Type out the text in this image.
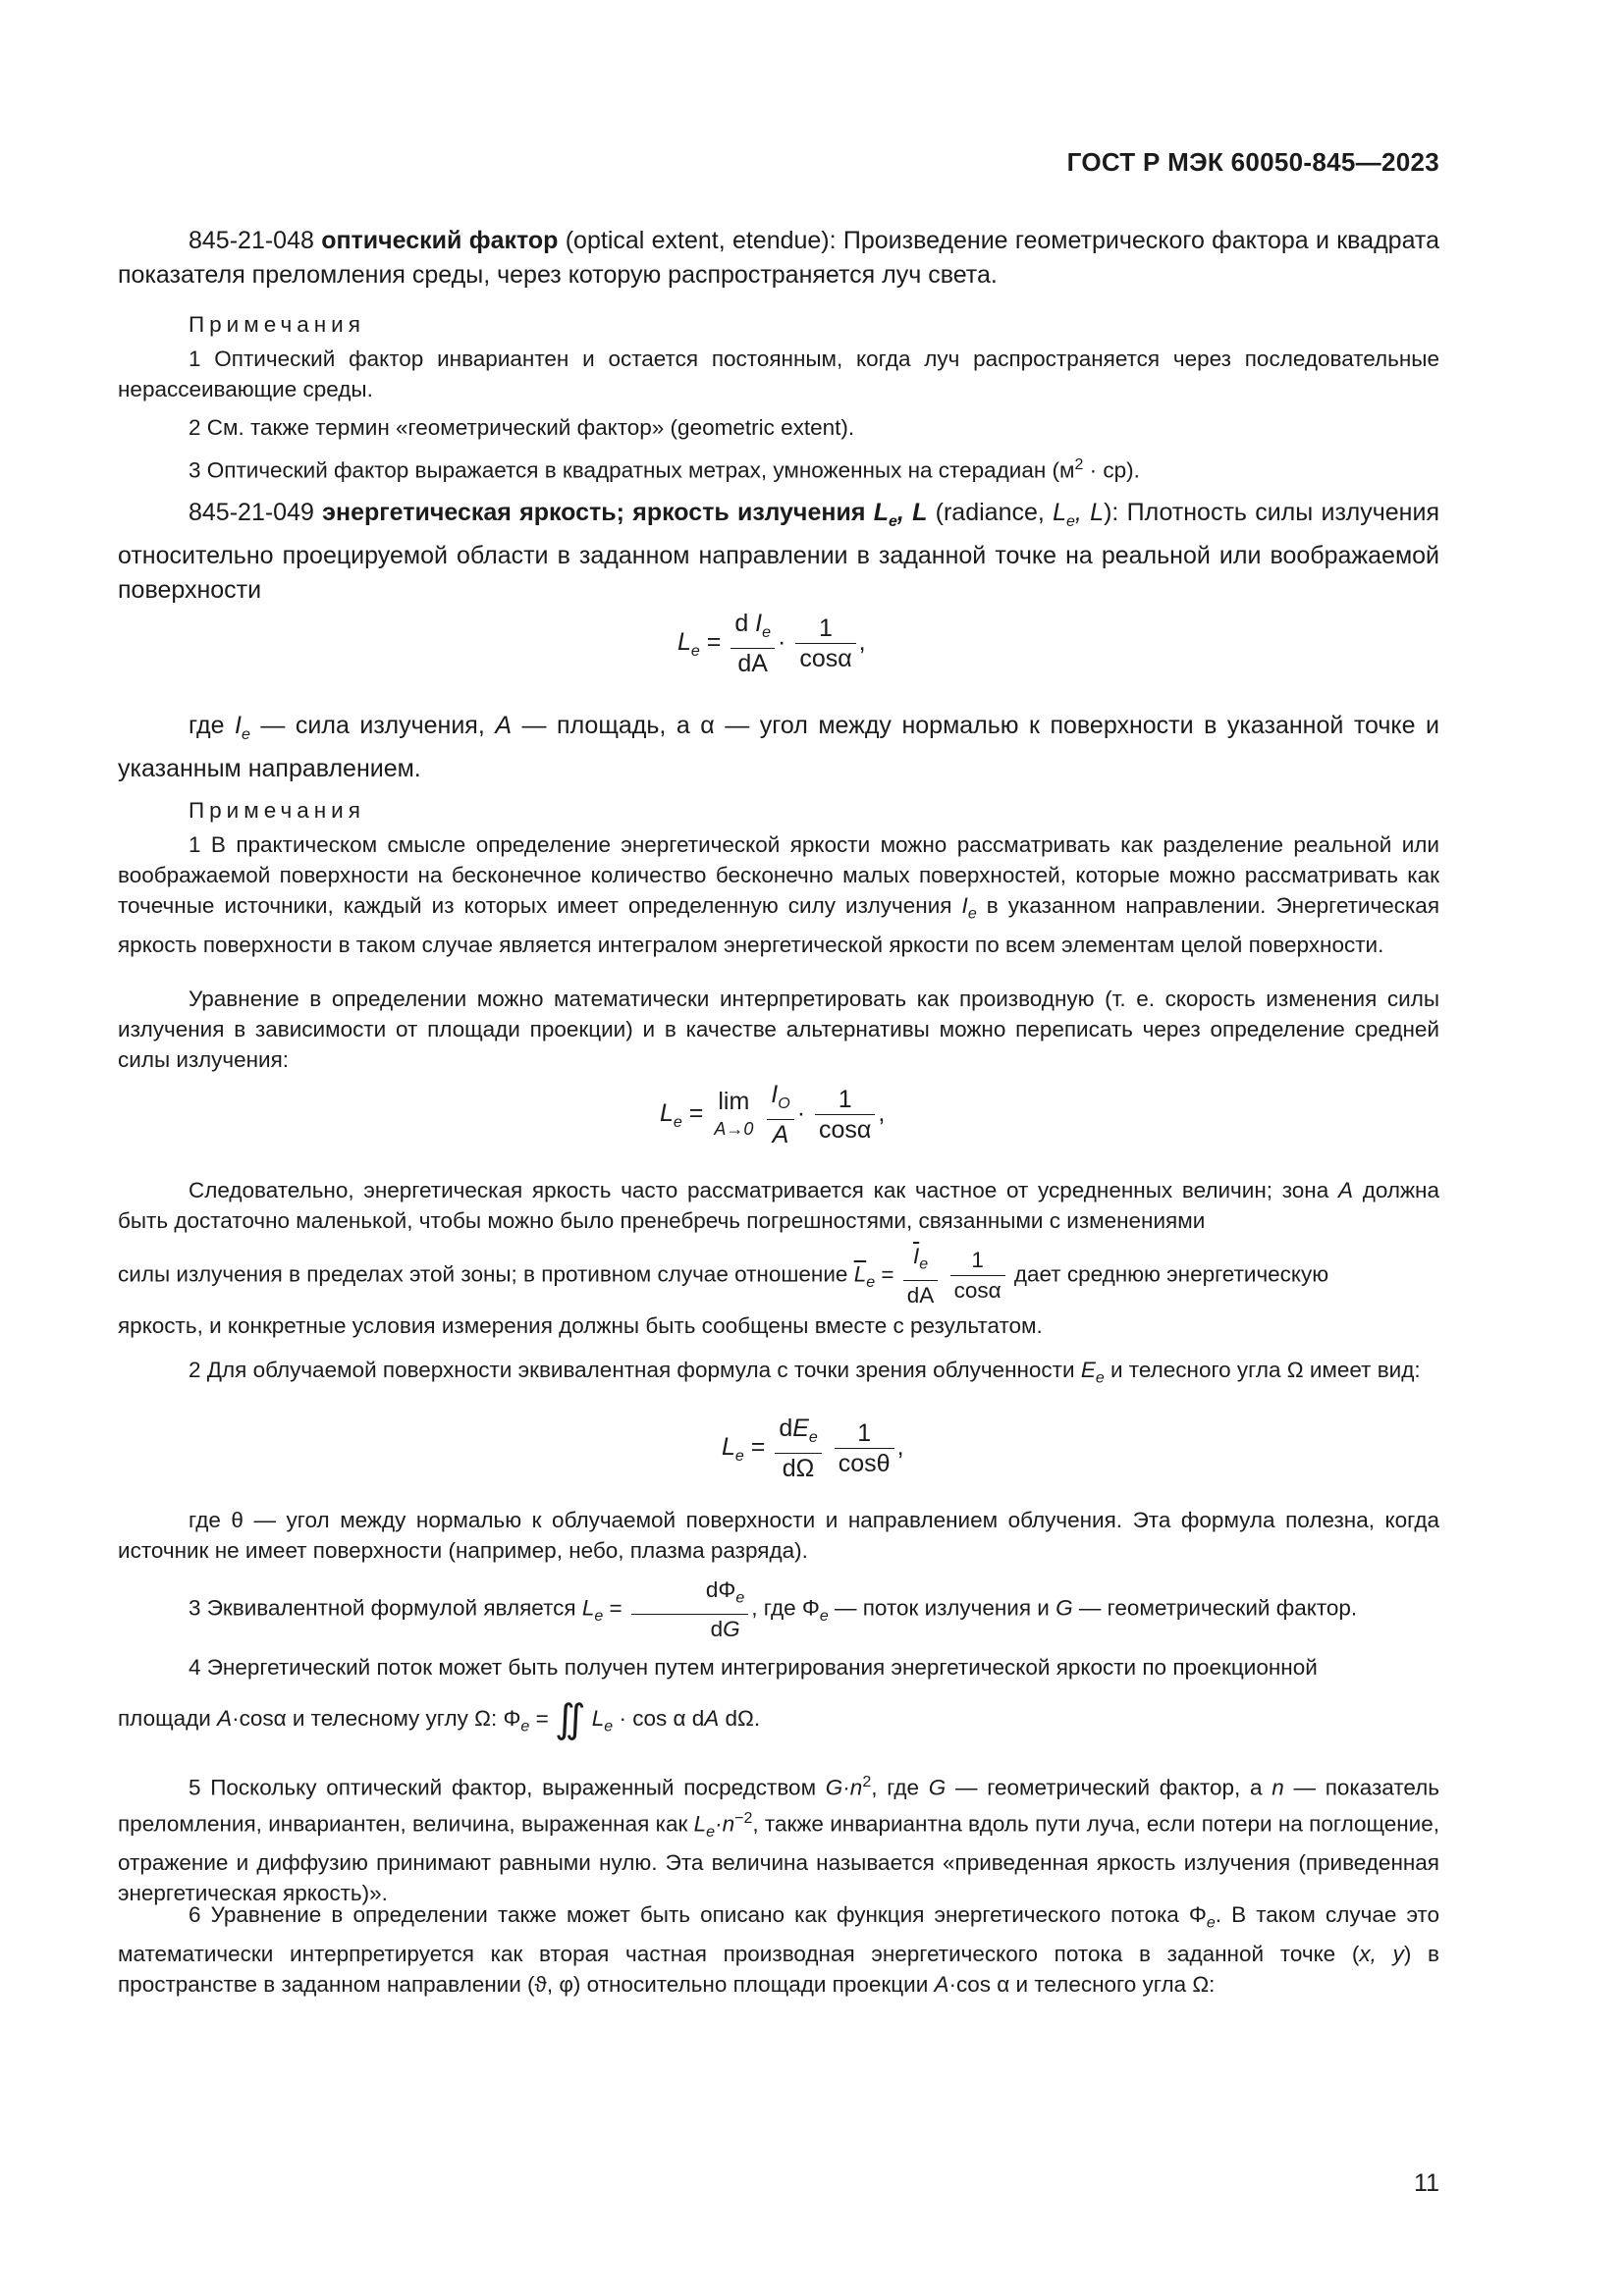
ГОСТ Р МЭК 60050-845—2023

845-21-048 оптический фактор (optical extent, etendue): Произведение геометрического фактора и квадрата показателя преломления среды, через которую распространяется луч света.

Примечания

1 Оптический фактор инвариантен и остается постоянным, когда луч распространяется через последовательные нерассеивающие среды.

2 См. также термин «геометрический фактор» (geometric extent).

3 Оптический фактор выражается в квадратных метрах, умноженных на стерадиан $(м^2 \cdot ср)$.

845-21-049 энергетическая яркость; яркость излучения $L_e$, L (radiance, $L_e$, L): Плотность силы излучения относительно проецируемой области в заданном направлении в заданной точке на реальной или воображаемой поверхности

$L_e = \frac{d I_e}{dA} \cdot \frac{1}{\cos\alpha}$ ,

где $I_e$ — сила излучения, A — площадь, а α — угол между нормалью к поверхности в указанной точке и указанным направлением.

Примечания

1 В практическом смысле определение энергетической яркости можно рассматривать как разделение реальной или воображаемой поверхности на бесконечное количество бесконечно малых поверхностей, которые можно рассматривать как точечные источники, каждый из которых имеет определенную силу излучения $I_e$ в указанном направлении. Энергетическая яркость поверхности в таком случае является интегралом энергетической яркости по всем элементам целой поверхности.

Уравнение в определении можно математически интерпретировать как производную (т. е. скорость изменения силы излучения в зависимости от площади проекции) и в качестве альтернативы можно переписать через определение средней силы излучения:

$L_e = \lim$
A→0
$\frac{I_O}{A} \cdot \frac{1}{\cos\alpha}$ ,

Следовательно, энергетическая яркость часто рассматривается как частное от усредненных величин; зона A должна быть достаточно маленькой, чтобы можно было пренебречь погрешностями, связанными с изменениями

силы излучения в пределах этой зоны; в противном случае отношение $\overline{L}_e = \frac{\overline{I}_e}{dA}$
$\frac{1}{\cos\alpha}$ дает среднюю энергетическую

яркость, и конкретные условия измерения должны быть сообщены вместе с результатом.

2 Для облучаемой поверхности эквивалентная формула с точки зрения облученности $E_e$ и телесного угла Ω имеет вид:

$L_e$ =
$dE_e$
dΩ
$\frac{1}{\cos\theta}$ ,

где θ — угол между нормалью к облучаемой поверхности и направлением облучения. Эта формула полезна, когда источник не имеет поверхности (например, небо, плазма разряда).

3 Эквивалентной формулой является $L_e$ =
$d\Phi_e$
dG
, где $\Phi_e$ — поток излучения и G — геометрический фактор.

4 Энергетический поток может быть получен путем интегрирования энергетической яркости по проекционной

площади A·cosα и телесному углу Ω: $\Phi_e$ = ∬ $L_e \cdot \cos \alpha$ dA dΩ.

5 Поскольку оптический фактор, выраженный посредством $G\cdot n^2$, где G — геометрический фактор, а n — показатель преломления, инвариантен, величина, выраженная как $L_e\cdot n^{-2}$, также инвариантна вдоль пути луча, если потери на поглощение, отражение и диффузию принимают равными нулю. Эта величина называется «приведенная яркость излучения (приведенная энергетическая яркость)».

6 Уравнение в определении также может быть описано как функция энергетического потока $\Phi_e$. В таком случае это математически интерпретируется как вторая частная производная энергетического потока в заданной точке (x, y) в пространстве в заданном направлении (ϑ, φ) относительно площади проекции A·cos α и телесного угла Ω:

11
